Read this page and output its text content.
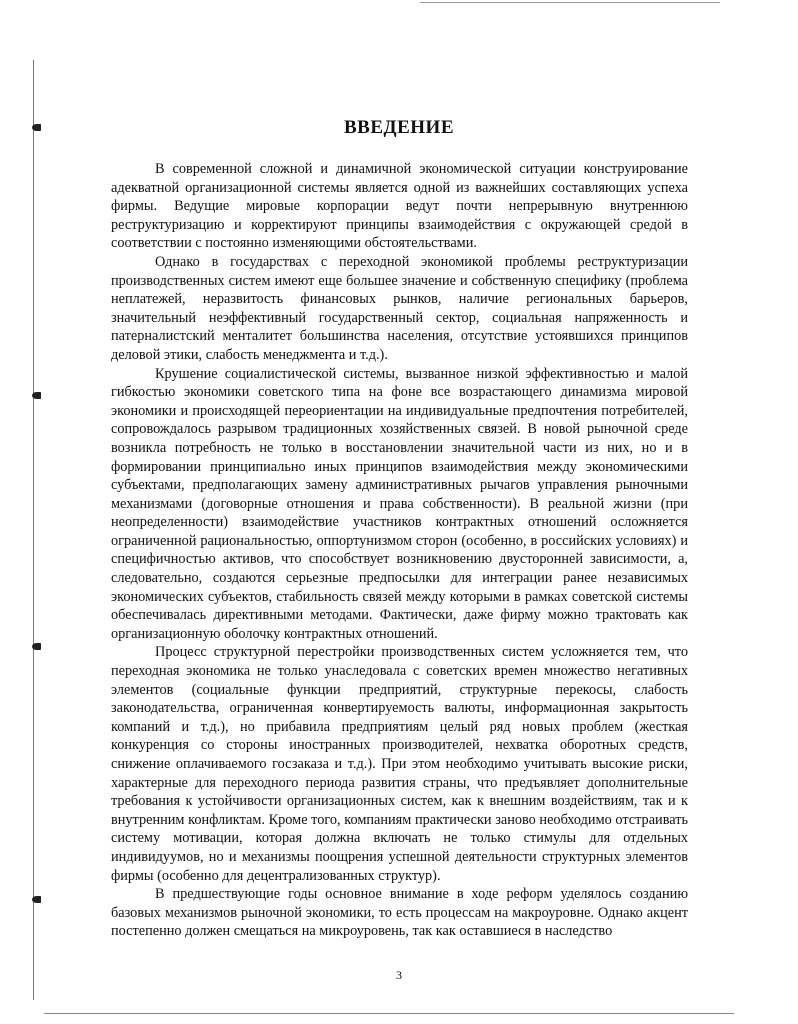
ВВЕДЕНИЕ

В современной сложной и динамичной экономической ситуации конструирование адекватной организационной системы является одной из важнейших составляющих успеха фирмы. Ведущие мировые корпорации ведут почти непрерывную внутреннюю реструктуризацию и корректируют принципы взаимодействия с окружающей средой в соответствии с постоянно изменяющими обстоятельствами.

Однако в государствах с переходной экономикой проблемы реструктуризации производственных систем имеют еще большее значение и собственную специфику (проблема неплатежей, неразвитость финансовых рынков, наличие региональных барьеров, значительный неэффективный государственный сектор, социальная напряженность и патерналистский менталитет большинства населения, отсутствие устоявшихся принципов деловой этики, слабость менеджмента и т.д.).

Крушение социалистической системы, вызванное низкой эффективностью и малой гибкостью экономики советского типа на фоне все возрастающего динамизма мировой экономики и происходящей переориентации на индивидуальные предпочтения потребителей, сопровождалось разрывом традиционных хозяйственных связей. В новой рыночной среде возникла потребность не только в восстановлении значительной части из них, но и в формировании принципиально иных принципов взаимодействия между экономическими субъектами, предполагающих замену административных рычагов управления рыночными механизмами (договорные отношения и права собственности). В реальной жизни (при неопределенности) взаимодействие участников контрактных отношений осложняется ограниченной рациональностью, оппортунизмом сторон (особенно, в российских условиях) и специфичностью активов, что способствует возникновению двусторонней зависимости, а, следовательно, создаются серьезные предпосылки для интеграции ранее независимых экономических субъектов, стабильность связей между которыми в рамках советской системы обеспечивалась директивными методами. Фактически, даже фирму можно трактовать как организационную оболочку контрактных отношений.

Процесс структурной перестройки производственных систем усложняется тем, что переходная экономика не только унаследовала с советских времен множество негативных элементов (социальные функции предприятий, структурные перекосы, слабость законодательства, ограниченная конвертируемость валюты, информационная закрытость компаний и т.д.), но прибавила предприятиям целый ряд новых проблем (жесткая конкуренция со стороны иностранных производителей, нехватка оборотных средств, снижение оплачиваемого госзаказа и т.д.). При этом необходимо учитывать высокие риски, характерные для переходного периода развития страны, что предъявляет дополнительные требования к устойчивости организационных систем, как к внешним воздействиям, так и к внутренним конфликтам. Кроме того, компаниям практически заново необходимо отстраивать систему мотивации, которая должна включать не только стимулы для отдельных индивидуумов, но и механизмы поощрения успешной деятельности структурных элементов фирмы (особенно для децентрализованных структур).

В предшествующие годы основное внимание в ходе реформ уделялось созданию базовых механизмов рыночной экономики, то есть процессам на макроуровне. Однако акцент постепенно должен смещаться на микроуровень, так как оставшиеся в наследство

3
